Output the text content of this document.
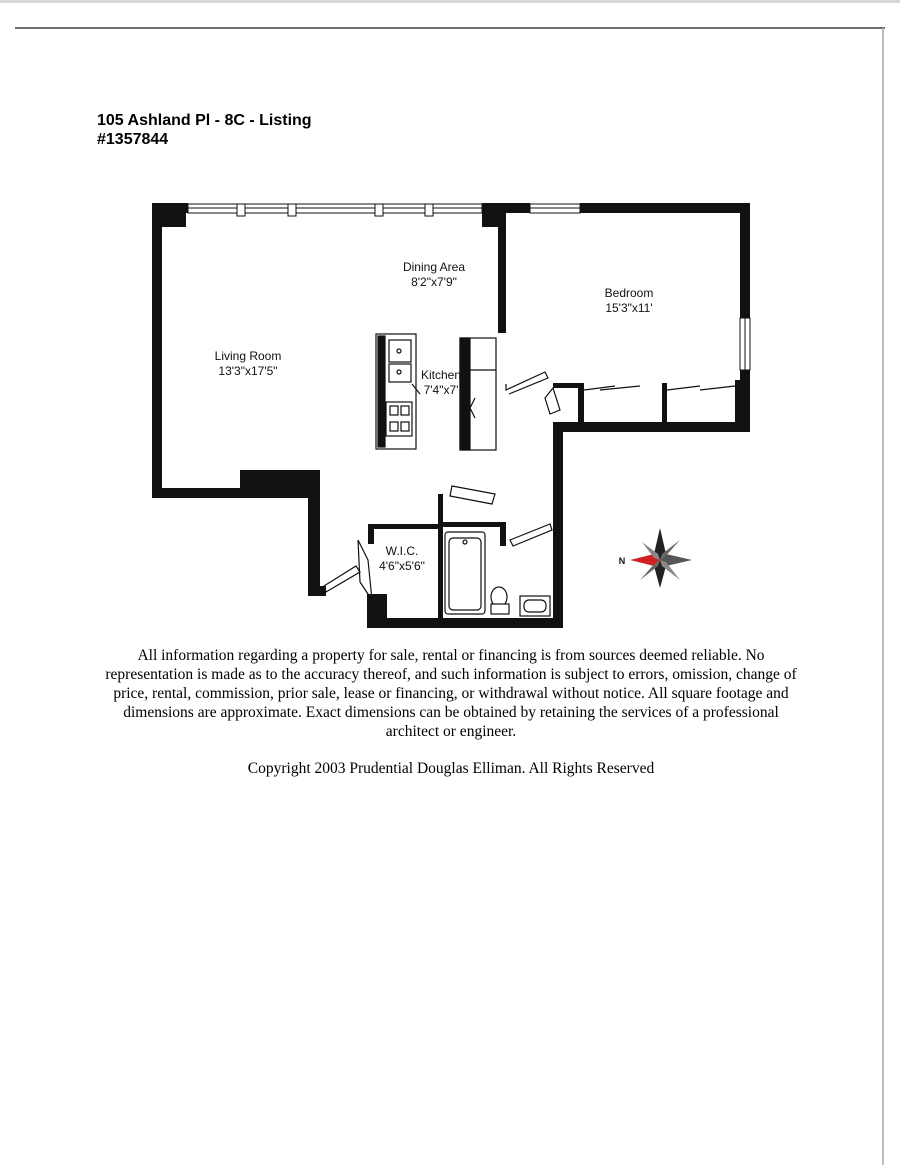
105 Ashland Pl - 8C - Listing
#1357844
Dining Area
8'2"x7'9"
Bedroom
15'3"x11'
Living Room
13'3"x17'5"	Kitchen
7'4"x7'
W.I.C.
4'6"x5'6"	N
All information regarding a property for sale, rental or financing is from sources deemed reliable. No representation is made as to the accuracy thereof, and such information is subject to errors, omission, change of price, rental, commission, prior sale, lease or financing, or withdrawal without notice. All square footage and dimensions are approximate. Exact dimensions can be obtained by retaining the services of a professional architect or engineer.
Copyright 2003 Prudential Douglas Elliman. All Rights Reserved
